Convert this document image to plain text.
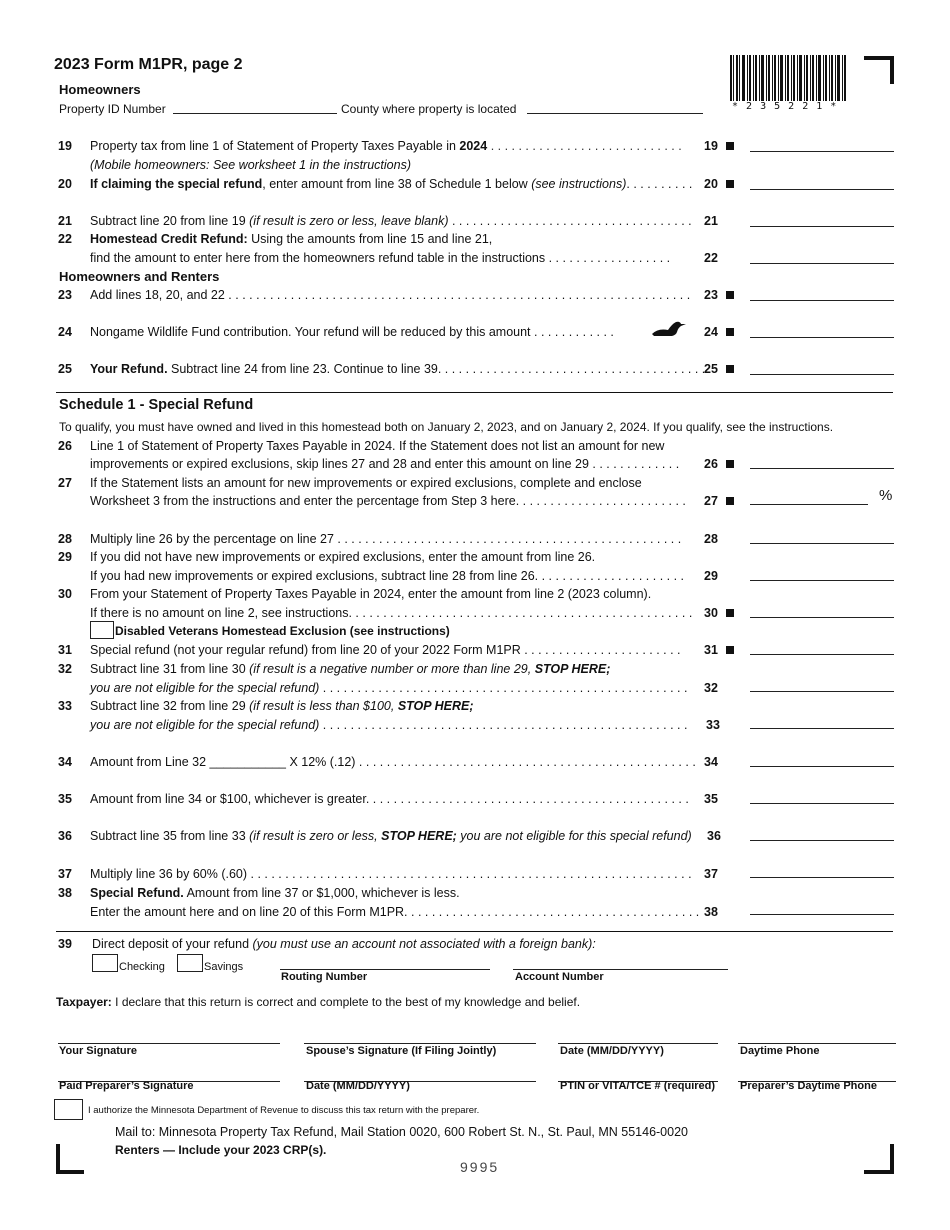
2023 Form M1PR, page 2
* 2 3 5 2 2 1 *
Homeowners
Property ID Number	County where property is located
19 Property tax from line 1 of Statement of Property Taxes Payable in 2024 . . . . . . . . . . . . . . . . . . . . . . . . . . . .
(Mobile homeowners: See worksheet 1 in the instructions)
19
20 If claiming the special refund, enter amount from line 38 of Schedule 1 below (see instructions). . . . . . . . . . 20
21 Subtract line 20 from line 19 (if result is zero or less, leave blank) . . . . . . . . . . . . . . . . . . . . . . . . . . . . . . . . . . . 21
22 Homestead Credit Refund: Using the amounts from line 15 and line 21,
find the amount to enter here from the homeowners refund table in the instructions . . . . . . . . . . . . . . . . . .	22
Homeowners and Renters
23 Add lines 18, 20, and 22 . . . . . . . . . . . . . . . . . . . . . . . . . . . . . . . . . . . . . . . . . . . . . . . . . . . . . . . . . . . . . . . . . . . 23
24 Nongame Wildlife Fund contribution. Your refund will be reduced by this amount . . . . . . . . . . . .	24
25 Your Refund. Subtract line 24 from line 23. Continue to line 39. . . . . . . . . . . . . . . . . . . . . . . . . . . . . . . . . . . . . . .
25
Schedule 1 - Special Refund
To qualify, you must have owned and lived in this homestead both on January 2, 2023, and on January 2, 2024. If you qualify, see the instructions.
26 Line 1 of Statement of Property Taxes Payable in 2024. If the Statement does not list an amount for new
improvements or expired exclusions, skip lines 27 and 28 and enter this amount on line 29 . . . . . . . . . . . . . 26
27 If the Statement lists an amount for new improvements or expired exclusions, complete and enclose
Worksheet 3 from the instructions and enter the percentage from Step 3 here. . . . . . . . . . . . . . . . . . . . . . . . . 27	%
28 Multiply line 26 by the percentage on line 27 . . . . . . . . . . . . . . . . . . . . . . . . . . . . . . . . . . . . . . . . . . . . . . . . . . 28
29 If you did not have new improvements or expired exclusions, enter the amount from line 26.
If you had new improvements or expired exclusions, subtract line 28 from line 26. . . . . . . . . . . . . . . . . . . . . . 29
30 From your Statement of Property Taxes Payable in 2024, enter the amount from line 2 (2023 column).
If there is no amount on line 2, see instructions. . . . . . . . . . . . . . . . . . . . . . . . . . . . . . . . . . . . . . . . . . . . . . . . . . 30
Disabled Veterans Homestead Exclusion (see instructions)
31 Special refund (not your regular refund) from line 20 of your 2022 Form M1PR . . . . . . . . . . . . . . . . . . . . . . . 31
32 Subtract line 31 from line 30 (if result is a negative number or more than line 29, STOP HERE;
you are not eligible for the special refund) . . . . . . . . . . . . . . . . . . . . . . . . . . . . . . . . . . . . . . . . . . . . . . . . . . . . . 32
33 Subtract line 32 from line 29 (if result is less than $100, STOP HERE;
you are not eligible for the special refund) . . . . . . . . . . . . . . . . . . . . . . . . . . . . . . . . . . . . . . . . . . . . . . . . . . . . . 33
34 Amount from Line 32 ___________ X 12% (.12) . . . . . . . . . . . . . . . . . . . . . . . . . . . . . . . . . . . . . . . . . . . . . . . . . 34
35 Amount from line 34 or $100, whichever is greater. . . . . . . . . . . . . . . . . . . . . . . . . . . . . . . . . . . . . . . . . . . . . . . 35
36 Subtract line 35 from line 33 (if result is zero or less, STOP HERE; you are not eligible for this special refund) 36
37 Multiply line 36 by 60% (.60) . . . . . . . . . . . . . . . . . . . . . . . . . . . . . . . . . . . . . . . . . . . . . . . . . . . . . . . . . . . . . . . . 37
38 Special Refund. Amount from line 37 or $1,000, whichever is less.
Enter the amount here and on line 20 of this Form M1PR. . . . . . . . . . . . . . . . . . . . . . . . . . . . . . . . . . . . . . . . . . . 38
39 Direct deposit of your refund (you must use an account not associated with a foreign bank):
Checking	Savings
Routing Number	Account Number
Taxpayer: I declare that this return is correct and complete to the best of my knowledge and belief.
Your Signature	Spouse’s Signature (If Filing Jointly)	Date (MM/DD/YYYY)	Daytime Phone
Paid Preparer’s Signature	Date (MM/DD/YYYY)	PTIN or VITA/TCE # (required) Preparer’s Daytime Phone
I authorize the Minnesota Department of Revenue to discuss this tax return with the preparer.
Mail to: Minnesota Property Tax Refund, Mail Station 0020, 600 Robert St. N., St. Paul, MN 55146-0020
Renters — Include your 2023 CRP(s).
9995
